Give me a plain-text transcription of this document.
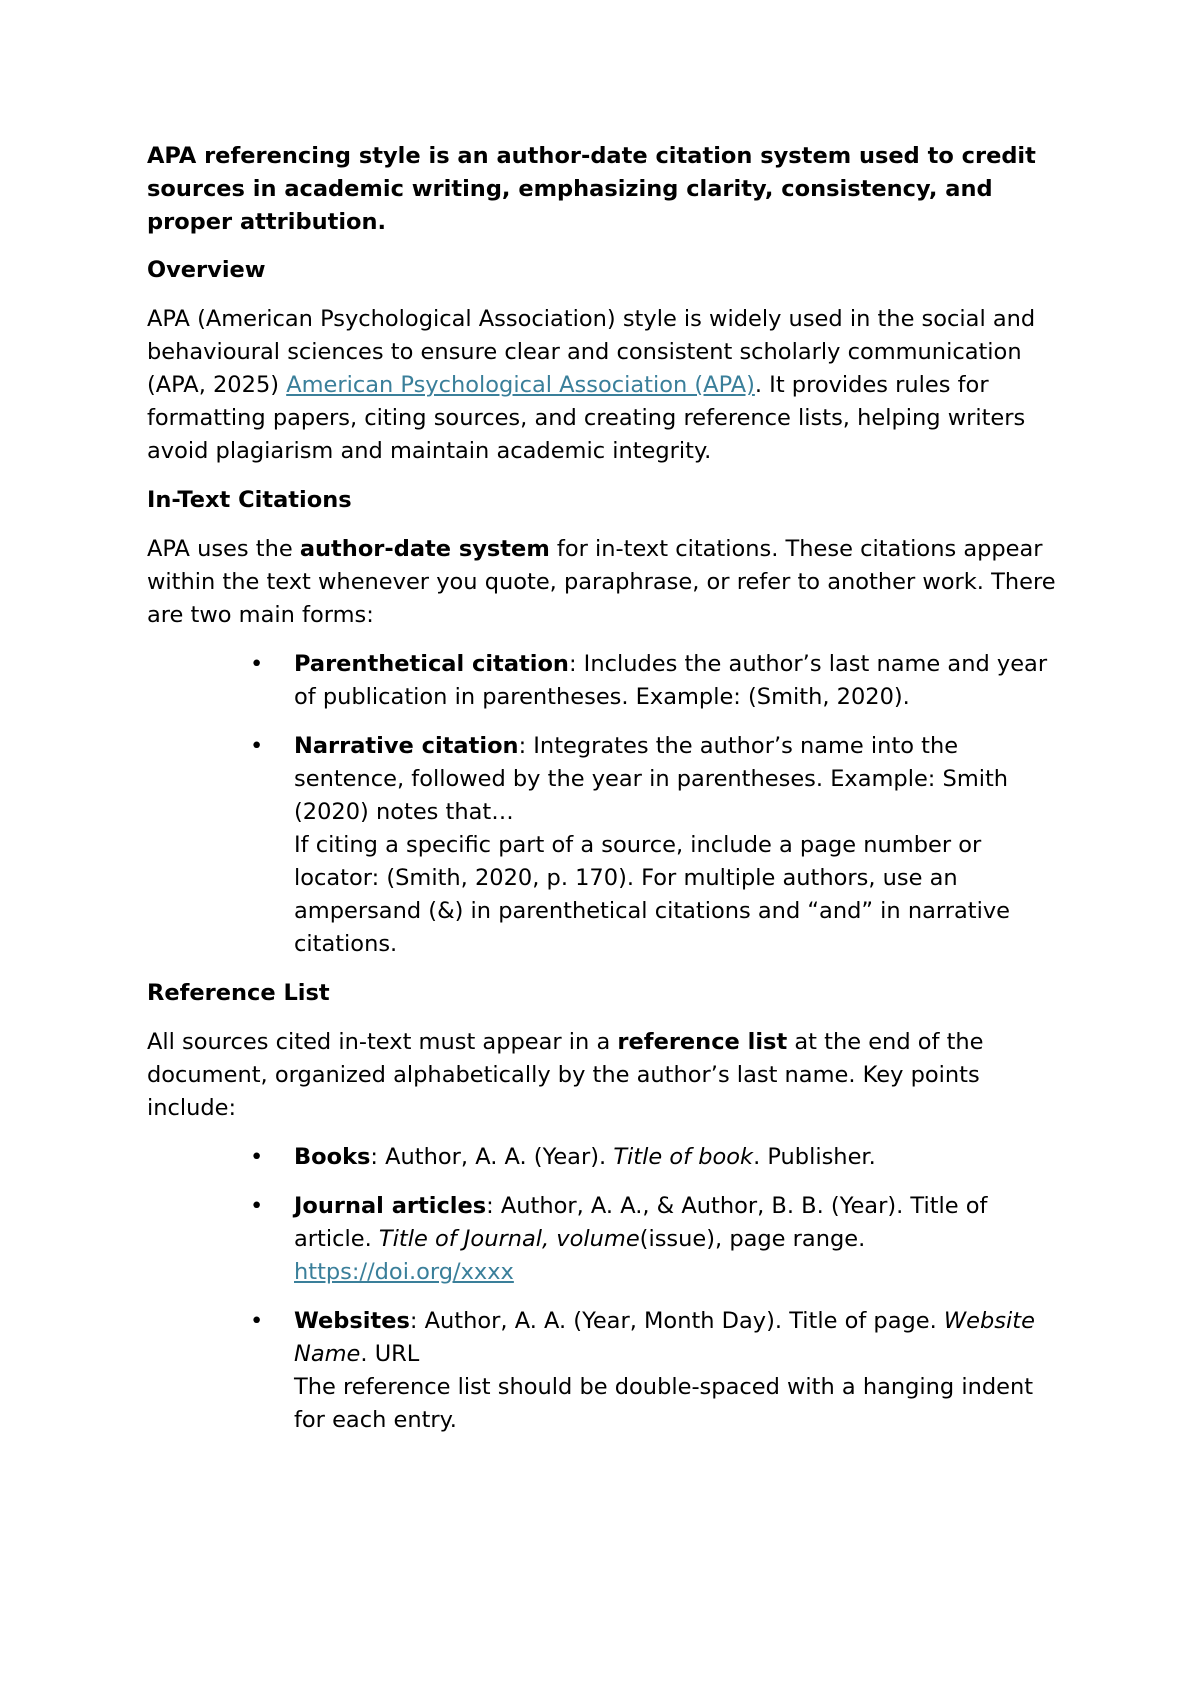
APA referencing style is an author-date citation system used to credit sources in academic writing, emphasizing clarity, consistency, and proper attribution.

Overview

APA (American Psychological Association) style is widely used in the social and behavioural sciences to ensure clear and consistent scholarly communication (APA, 2025) American Psychological Association (APA). It provides rules for formatting papers, citing sources, and creating reference lists, helping writers avoid plagiarism and maintain academic integrity.

In-Text Citations

APA uses the author-date system for in-text citations. These citations appear within the text whenever you quote, paraphrase, or refer to another work. There are two main forms:

• Parenthetical citation: Includes the author’s last name and year of publication in parentheses. Example: (Smith, 2020).
• Narrative citation: Integrates the author’s name into the sentence, followed by the year in parentheses. Example: Smith (2020) notes that…
If citing a specific part of a source, include a page number or locator: (Smith, 2020, p. 170). For multiple authors, use an ampersand (&) in parenthetical citations and “and” in narrative citations.

Reference List

All sources cited in-text must appear in a reference list at the end of the document, organized alphabetically by the author’s last name. Key points include:

• Books: Author, A. A. (Year). Title of book. Publisher.
• Journal articles: Author, A. A., & Author, B. B. (Year). Title of article. Title of Journal, volume(issue), page range. https://doi.org/xxxx
• Websites: Author, A. A. (Year, Month Day). Title of page. Website Name. URL
The reference list should be double-spaced with a hanging indent for each entry.
